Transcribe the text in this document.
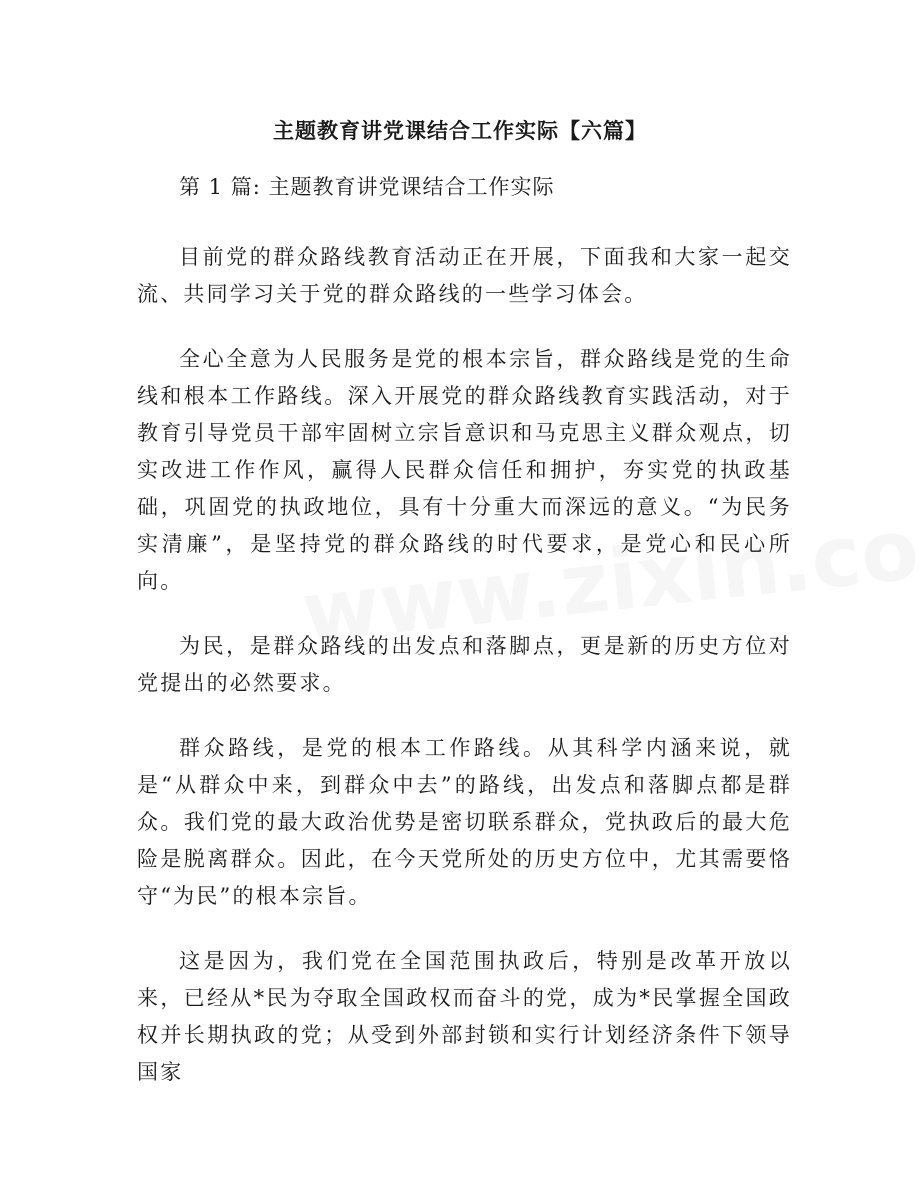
主题教育讲党课结合工作实际【六篇】

第 1 篇: 主题教育讲党课结合工作实际

目前党的群众路线教育活动正在开展，下面我和大家一起交流、共同学习关于党的群众路线的一些学习体会。

全心全意为人民服务是党的根本宗旨，群众路线是党的生命线和根本工作路线。深入开展党的群众路线教育实践活动，对于教育引导党员干部牢固树立宗旨意识和马克思主义群众观点，切实改进工作作风，赢得人民群众信任和拥护，夯实党的执政基础，巩固党的执政地位，具有十分重大而深远的意义。“为民务实清廉”，是坚持党的群众路线的时代要求，是党心和民心所向。

为民，是群众路线的出发点和落脚点，更是新的历史方位对党提出的必然要求。

群众路线，是党的根本工作路线。从其科学内涵来说，就是“从群众中来，到群众中去”的路线，出发点和落脚点都是群众。我们党的最大政治优势是密切联系群众，党执政后的最大危险是脱离群众。因此，在今天党所处的历史方位中，尤其需要恪守“为民”的根本宗旨。

这是因为，我们党在全国范围执政后，特别是改革开放以来，已经从*民为夺取全国政权而奋斗的党，成为*民掌握全国政权并长期执政的党；从受到外部封锁和实行计划经济条件下领导国家
